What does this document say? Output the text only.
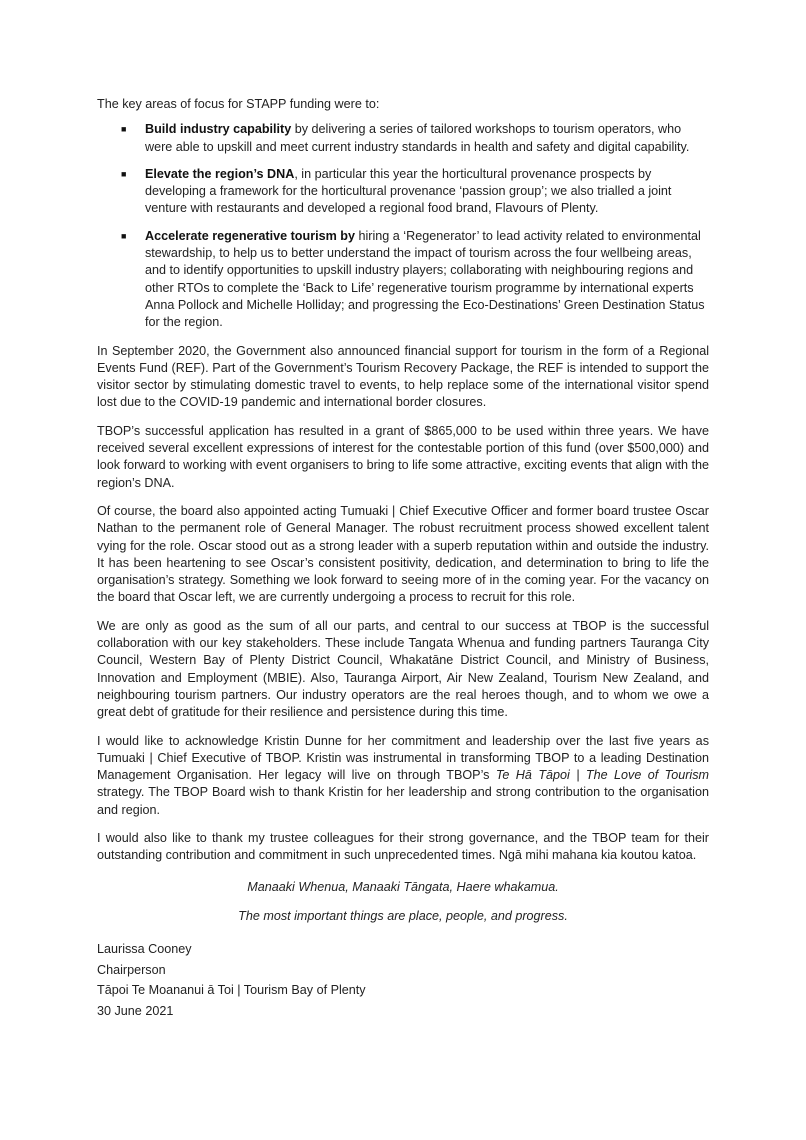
The key areas of focus for STAPP funding were to:

■ Build industry capability by delivering a series of tailored workshops to tourism operators, who were able to upskill and meet current industry standards in health and safety and digital capability.
■ Elevate the region’s DNA, in particular this year the horticultural provenance prospects by developing a framework for the horticultural provenance ‘passion group’; we also trialled a joint venture with restaurants and developed a regional food brand, Flavours of Plenty.
■ Accelerate regenerative tourism by hiring a ‘Regenerator’ to lead activity related to environmental stewardship, to help us to better understand the impact of tourism across the four wellbeing areas, and to identify opportunities to upskill industry players; collaborating with neighbouring regions and other RTOs to complete the ‘Back to Life’ regenerative tourism programme by international experts Anna Pollock and Michelle Holliday; and progressing the Eco-Destinations’ Green Destination Status for the region.

In September 2020, the Government also announced financial support for tourism in the form of a Regional Events Fund (REF). Part of the Government’s Tourism Recovery Package, the REF is intended to support the visitor sector by stimulating domestic travel to events, to help replace some of the international visitor spend lost due to the COVID-19 pandemic and international border closures.

TBOP’s successful application has resulted in a grant of $865,000 to be used within three years. We have received several excellent expressions of interest for the contestable portion of this fund (over $500,000) and look forward to working with event organisers to bring to life some attractive, exciting events that align with the region’s DNA.

Of course, the board also appointed acting Tumuaki | Chief Executive Officer and former board trustee Oscar Nathan to the permanent role of General Manager. The robust recruitment process showed excellent talent vying for the role. Oscar stood out as a strong leader with a superb reputation within and outside the industry. It has been heartening to see Oscar’s consistent positivity, dedication, and determination to bring to life the organisation’s strategy. Something we look forward to seeing more of in the coming year. For the vacancy on the board that Oscar left, we are currently undergoing a process to recruit for this role.

We are only as good as the sum of all our parts, and central to our success at TBOP is the successful collaboration with our key stakeholders. These include Tangata Whenua and funding partners Tauranga City Council, Western Bay of Plenty District Council, Whakatāne District Council, and Ministry of Business, Innovation and Employment (MBIE). Also, Tauranga Airport, Air New Zealand, Tourism New Zealand, and neighbouring tourism partners. Our industry operators are the real heroes though, and to whom we owe a great debt of gratitude for their resilience and persistence during this time.

I would like to acknowledge Kristin Dunne for her commitment and leadership over the last five years as Tumuaki | Chief Executive of TBOP. Kristin was instrumental in transforming TBOP to a leading Destination Management Organisation. Her legacy will live on through TBOP’s Te Hā Tāpoi | The Love of Tourism strategy. The TBOP Board wish to thank Kristin for her leadership and strong contribution to the organisation and region.

I would also like to thank my trustee colleagues for their strong governance, and the TBOP team for their outstanding contribution and commitment in such unprecedented times. Ngā mihi mahana kia koutou katoa.

Manaaki Whenua, Manaaki Tāngata, Haere whakamua.

The most important things are place, people, and progress.

Laurissa Cooney
Chairperson
Tāpoi Te Moananui ā Toi | Tourism Bay of Plenty
30 June 2021
